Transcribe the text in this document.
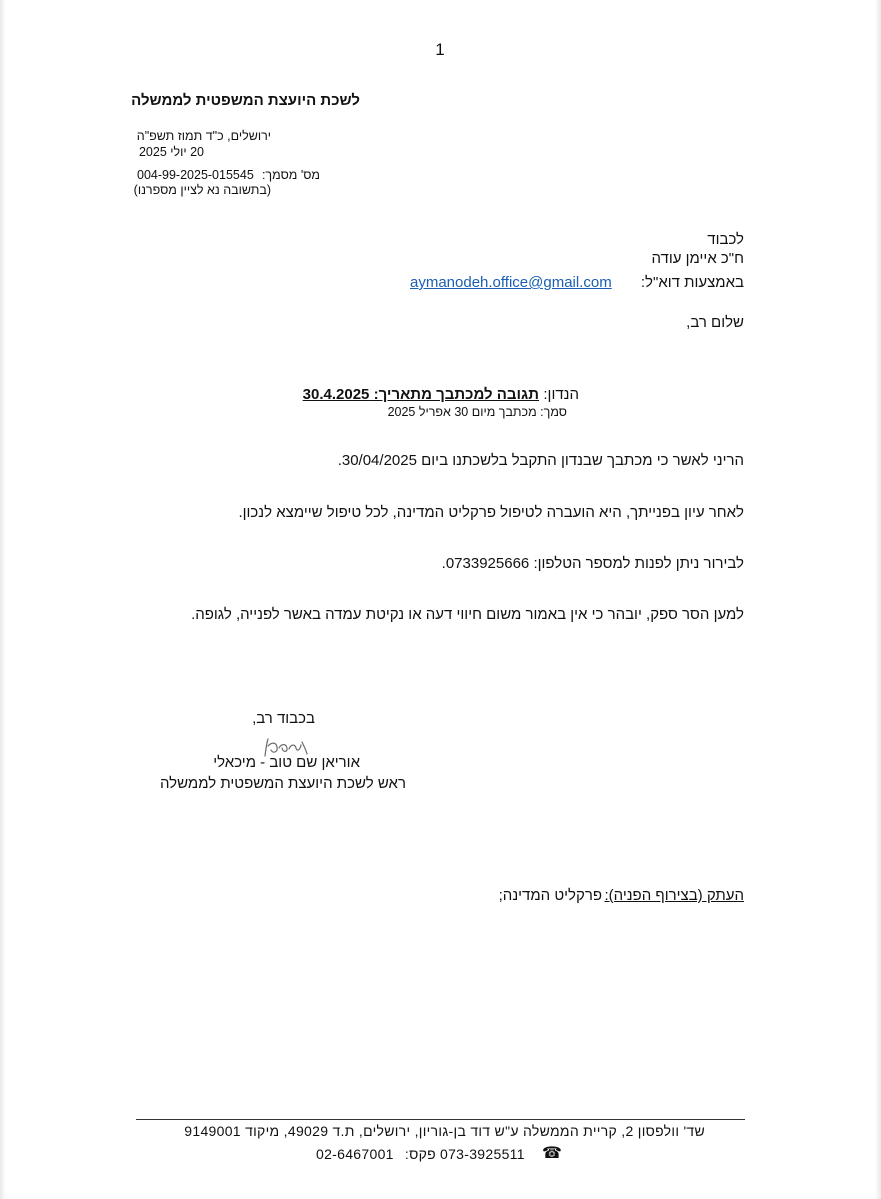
1
לשכת היועצת המשפטית לממשלה
ירושלים, כ"ד תמוז תשפ"ה
20 יולי 2025
מס' מסמך:
004-99-2025-015545
(בתשובה נא לציין מספרנו)
לכבוד
ח"כ איימן עודה
באמצעות דוא"ל:
aymanodeh.office@gmail.com
שלום רב,
הנדון:
תגובה למכתבך מתאריך: 30.4.2025
סמך: מכתבך מיום 30 אפריל 2025
הריני לאשר כי מכתבך שבנדון התקבל בלשכתנו ביום 30/04/2025.
לאחר עיון בפנייתך, היא הועברה לטיפול פרקליט המדינה, לכל טיפול שיימצא לנכון.
לבירור ניתן לפנות למספר הטלפון: 0733925666.
למען הסר ספק, יובהר כי אין באמור משום חיווי דעה או נקיטת עמדה באשר לפנייה, לגופה.
בכבוד רב,
אוריאן שם טוב - מיכאלי
ראש לשכת היועצת המשפטית לממשלה
העתק (בצירוף הפניה):
פרקליט המדינה;
שד' וולפסון 2, קריית הממשלה ע"ש דוד בן-גוריון, ירושלים, ת.ד 49029, מיקוד 9149001
02-6467001 פקס: 073-3925511	☎
